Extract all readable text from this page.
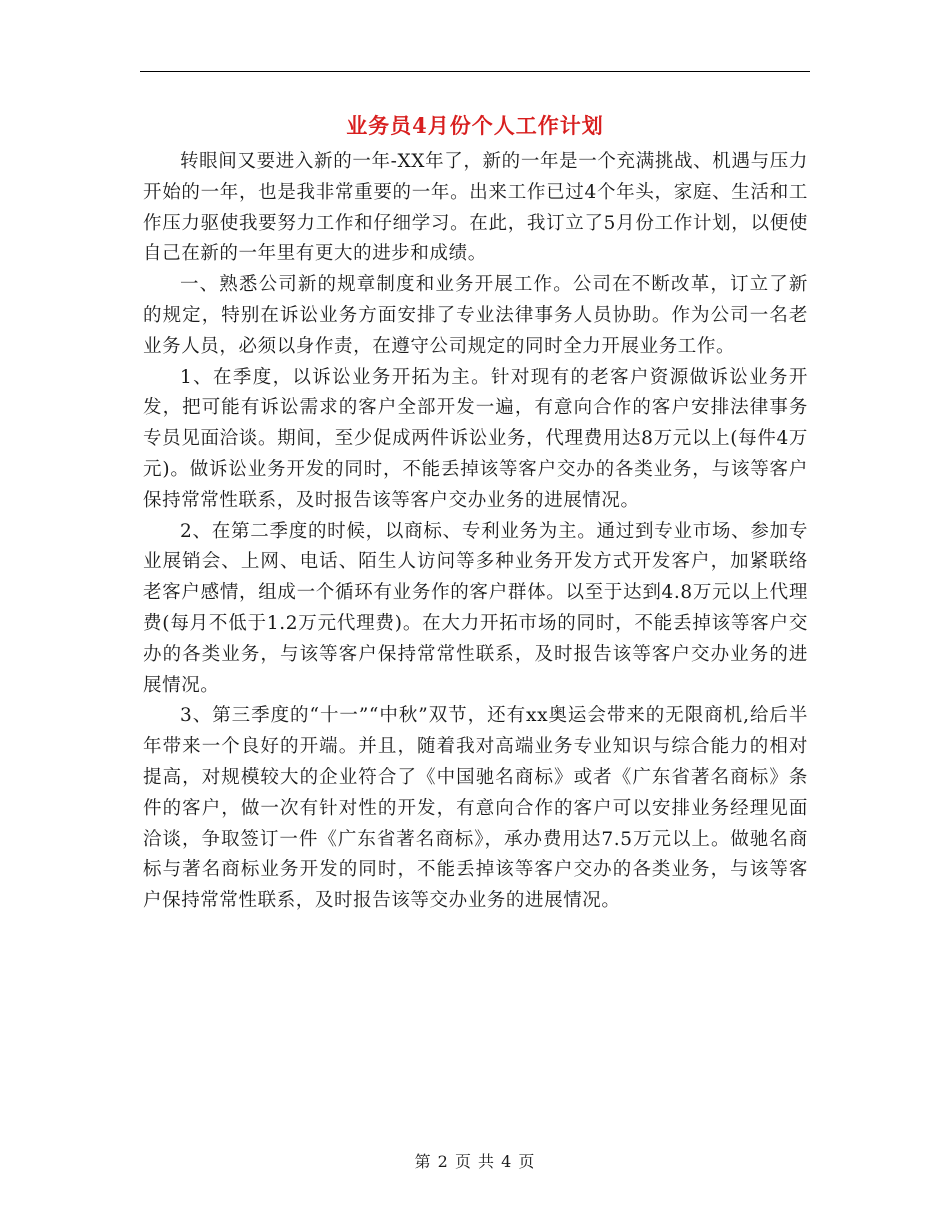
业务员4月份个人工作计划

转眼间又要进入新的一年-XX年了，新的一年是一个充满挑战、机遇与压力开始的一年，也是我非常重要的一年。出来工作已过4个年头，家庭、生活和工作压力驱使我要努力工作和仔细学习。在此，我订立了5月份工作计划，以便使自己在新的一年里有更大的进步和成绩。

一、熟悉公司新的规章制度和业务开展工作。公司在不断改革，订立了新的规定，特别在诉讼业务方面安排了专业法律事务人员协助。作为公司一名老业务人员，必须以身作责，在遵守公司规定的同时全力开展业务工作。

1、在季度，以诉讼业务开拓为主。针对现有的老客户资源做诉讼业务开发，把可能有诉讼需求的客户全部开发一遍，有意向合作的客户安排法律事务专员见面洽谈。期间，至少促成两件诉讼业务，代理费用达8万元以上(每件4万元)。做诉讼业务开发的同时，不能丢掉该等客户交办的各类业务，与该等客户保持常常性联系，及时报告该等客户交办业务的进展情况。

2、在第二季度的时候，以商标、专利业务为主。通过到专业市场、参加专业展销会、上网、电话、陌生人访问等多种业务开发方式开发客户，加紧联络老客户感情，组成一个循环有业务作的客户群体。以至于达到4.8万元以上代理费(每月不低于1.2万元代理费)。在大力开拓市场的同时，不能丢掉该等客户交办的各类业务，与该等客户保持常常性联系，及时报告该等客户交办业务的进展情况。

3、第三季度的“十一”“中秋”双节，还有xx奥运会带来的无限商机,给后半年带来一个良好的开端。并且，随着我对高端业务专业知识与综合能力的相对提高，对规模较大的企业符合了《中国驰名商标》或者《广东省著名商标》条件的客户，做一次有针对性的开发，有意向合作的客户可以安排业务经理见面洽谈，争取签订一件《广东省著名商标》，承办费用达7.5万元以上。做驰名商标与著名商标业务开发的同时，不能丢掉该等客户交办的各类业务，与该等客户保持常常性联系，及时报告该等交办业务的进展情况。

第 2 页 共 4 页
